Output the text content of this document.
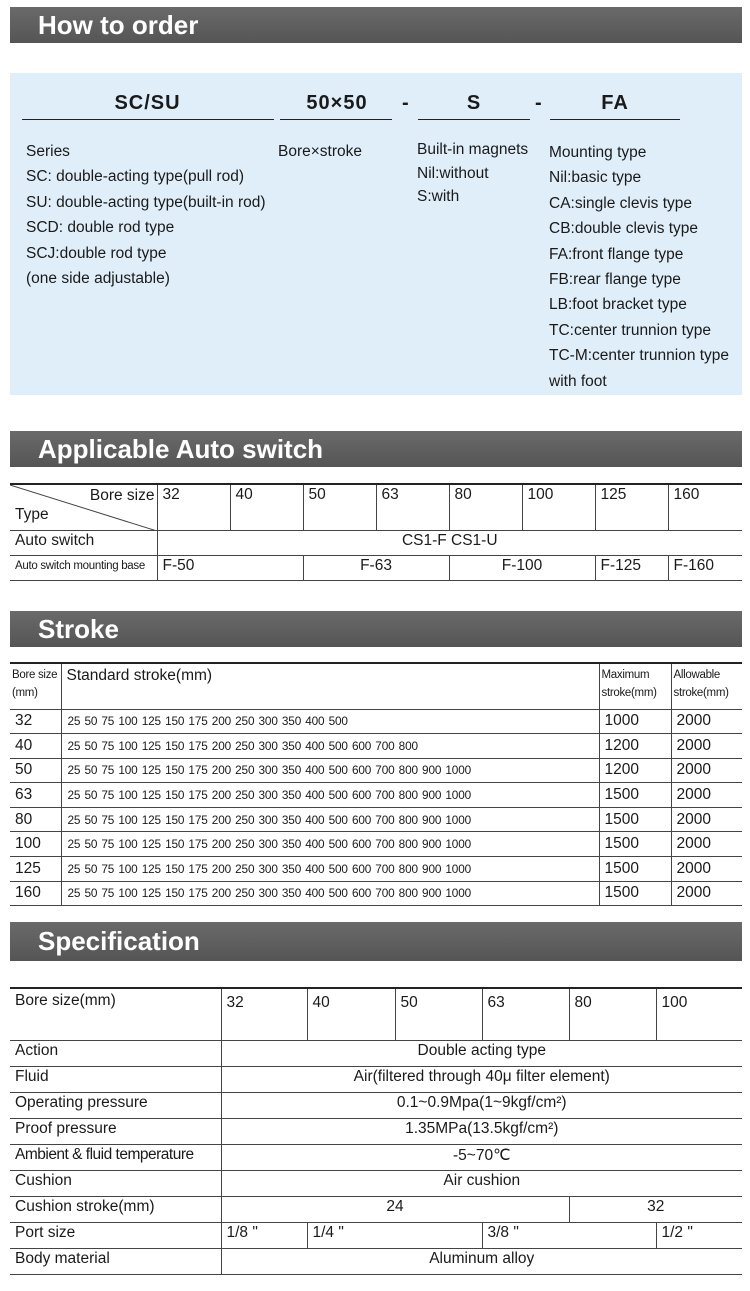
How to order
SC/SU	50×50	-	S	-	FA
Series
SC: double-acting type(pull rod)
SU: double-acting type(built-in rod)
SCD: double rod type
SCJ:double rod type
(one side adjustable)
Bore×stroke	Built-in magnets
Nil:without
S:with
Mounting type
Nil:basic type
CA:single clevis type
CB:double clevis type
FA:front flange type
FB:rear flange type
LB:foot bracket type
TC:center trunnion type
TC-M:center trunnion type
with foot
Applicable Auto switch
Bore size
Type	32	40	50	63	80	100	125	160
Auto switch	CS1-F CS1-U							
Auto switch mounting base	F-50		F-63		F-100		F-125	F-160
Stroke
Bore size (mm)	Standard stroke(mm)	Maximum stroke(mm)	Allowable stroke(mm)
32	25 50 75 100 125 150 175 200 250 300 350 400 500	1000	2000
40	25 50 75 100 125 150 175 200 250 300 350 400 500 600 700 800	1200	2000
50	25 50 75 100 125 150 175 200 250 300 350 400 500 600 700 800 900 1000	1200	2000
63	25 50 75 100 125 150 175 200 250 300 350 400 500 600 700 800 900 1000	1500	2000
80	25 50 75 100 125 150 175 200 250 300 350 400 500 600 700 800 900 1000	1500	2000
100	25 50 75 100 125 150 175 200 250 300 350 400 500 600 700 800 900 1000	1500	2000
125	25 50 75 100 125 150 175 200 250 300 350 400 500 600 700 800 900 1000	1500	2000
160	25 50 75 100 125 150 175 200 250 300 350 400 500 600 700 800 900 1000	1500	2000
Specification
Bore size(mm)	32	40	50	63	80	100
Action	Double acting type					
Fluid	Air(filtered through 40μ filter element)					
Operating pressure	0.1~0.9Mpa(1~9kgf/cm²)					
Proof pressure	1.35MPa(13.5kgf/cm²)					
Ambient & fluid temperature	-5~70℃					
Cushion	Air cushion					
Cushion stroke(mm)	24				32	
Port size	1/8 "	1/4 "		3/8 "		1/2 "
Body material	Aluminum alloy					
